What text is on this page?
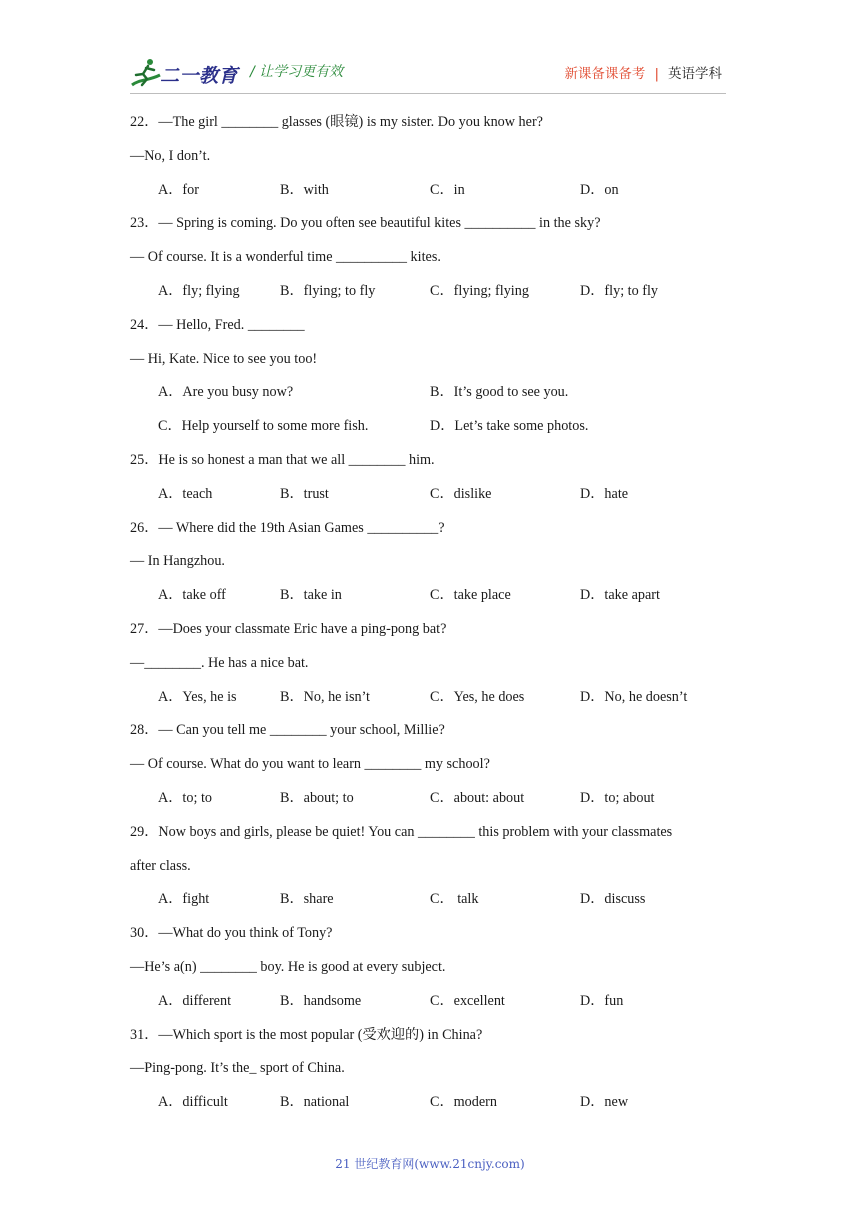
二一教育 / 让学习更有效	新课备课备考 | 英语学科
22．—The girl ________ glasses (眼镜) is my sister. Do you know her?
—No, I don’t.
A．for	B．with	C．in	D．on
23．— Spring is coming. Do you often see beautiful kites __________ in the sky?
— Of course. It is a wonderful time __________ kites.
A．fly; flying	B．flying; to fly	C．flying; flying	D．fly; to fly
24．— Hello, Fred. ________
— Hi, Kate. Nice to see you too!
A．Are you busy now?	B．It’s good to see you.
C．Help yourself to some more fish.	D．Let’s take some photos.
25．He is so honest a man that we all ________ him.
A．teach	B．trust	C．dislike	D．hate
26．— Where did the 19th Asian Games __________?
— In Hangzhou.
A．take off	B．take in	C．take place	D．take apart
27．—Does your classmate Eric have a ping-pong bat?
—________. He has a nice bat.
A．Yes, he is	B．No, he isn’t	C．Yes, he does	D．No, he doesn’t
28．— Can you tell me ________ your school, Millie?
— Of course. What do you want to learn ________ my school?
A．to; to	B．about; to	C．about: about	D．to; about
29．Now boys and girls, please be quiet! You can ________ this problem with your classmates
after class.
A．fight	B．share	C． talk	D．discuss
30．—What do you think of Tony?
—He’s a(n) ________ boy. He is good at every subject.
A．different	B．handsome	C．excellent	D．fun
31．—Which sport is the most popular (受欢迎的) in China?
—Ping-pong. It’s the_ sport of China.
A．difficult	B．national	C．modern	D．new
21 世纪教育网(www.21cnjy.com)
